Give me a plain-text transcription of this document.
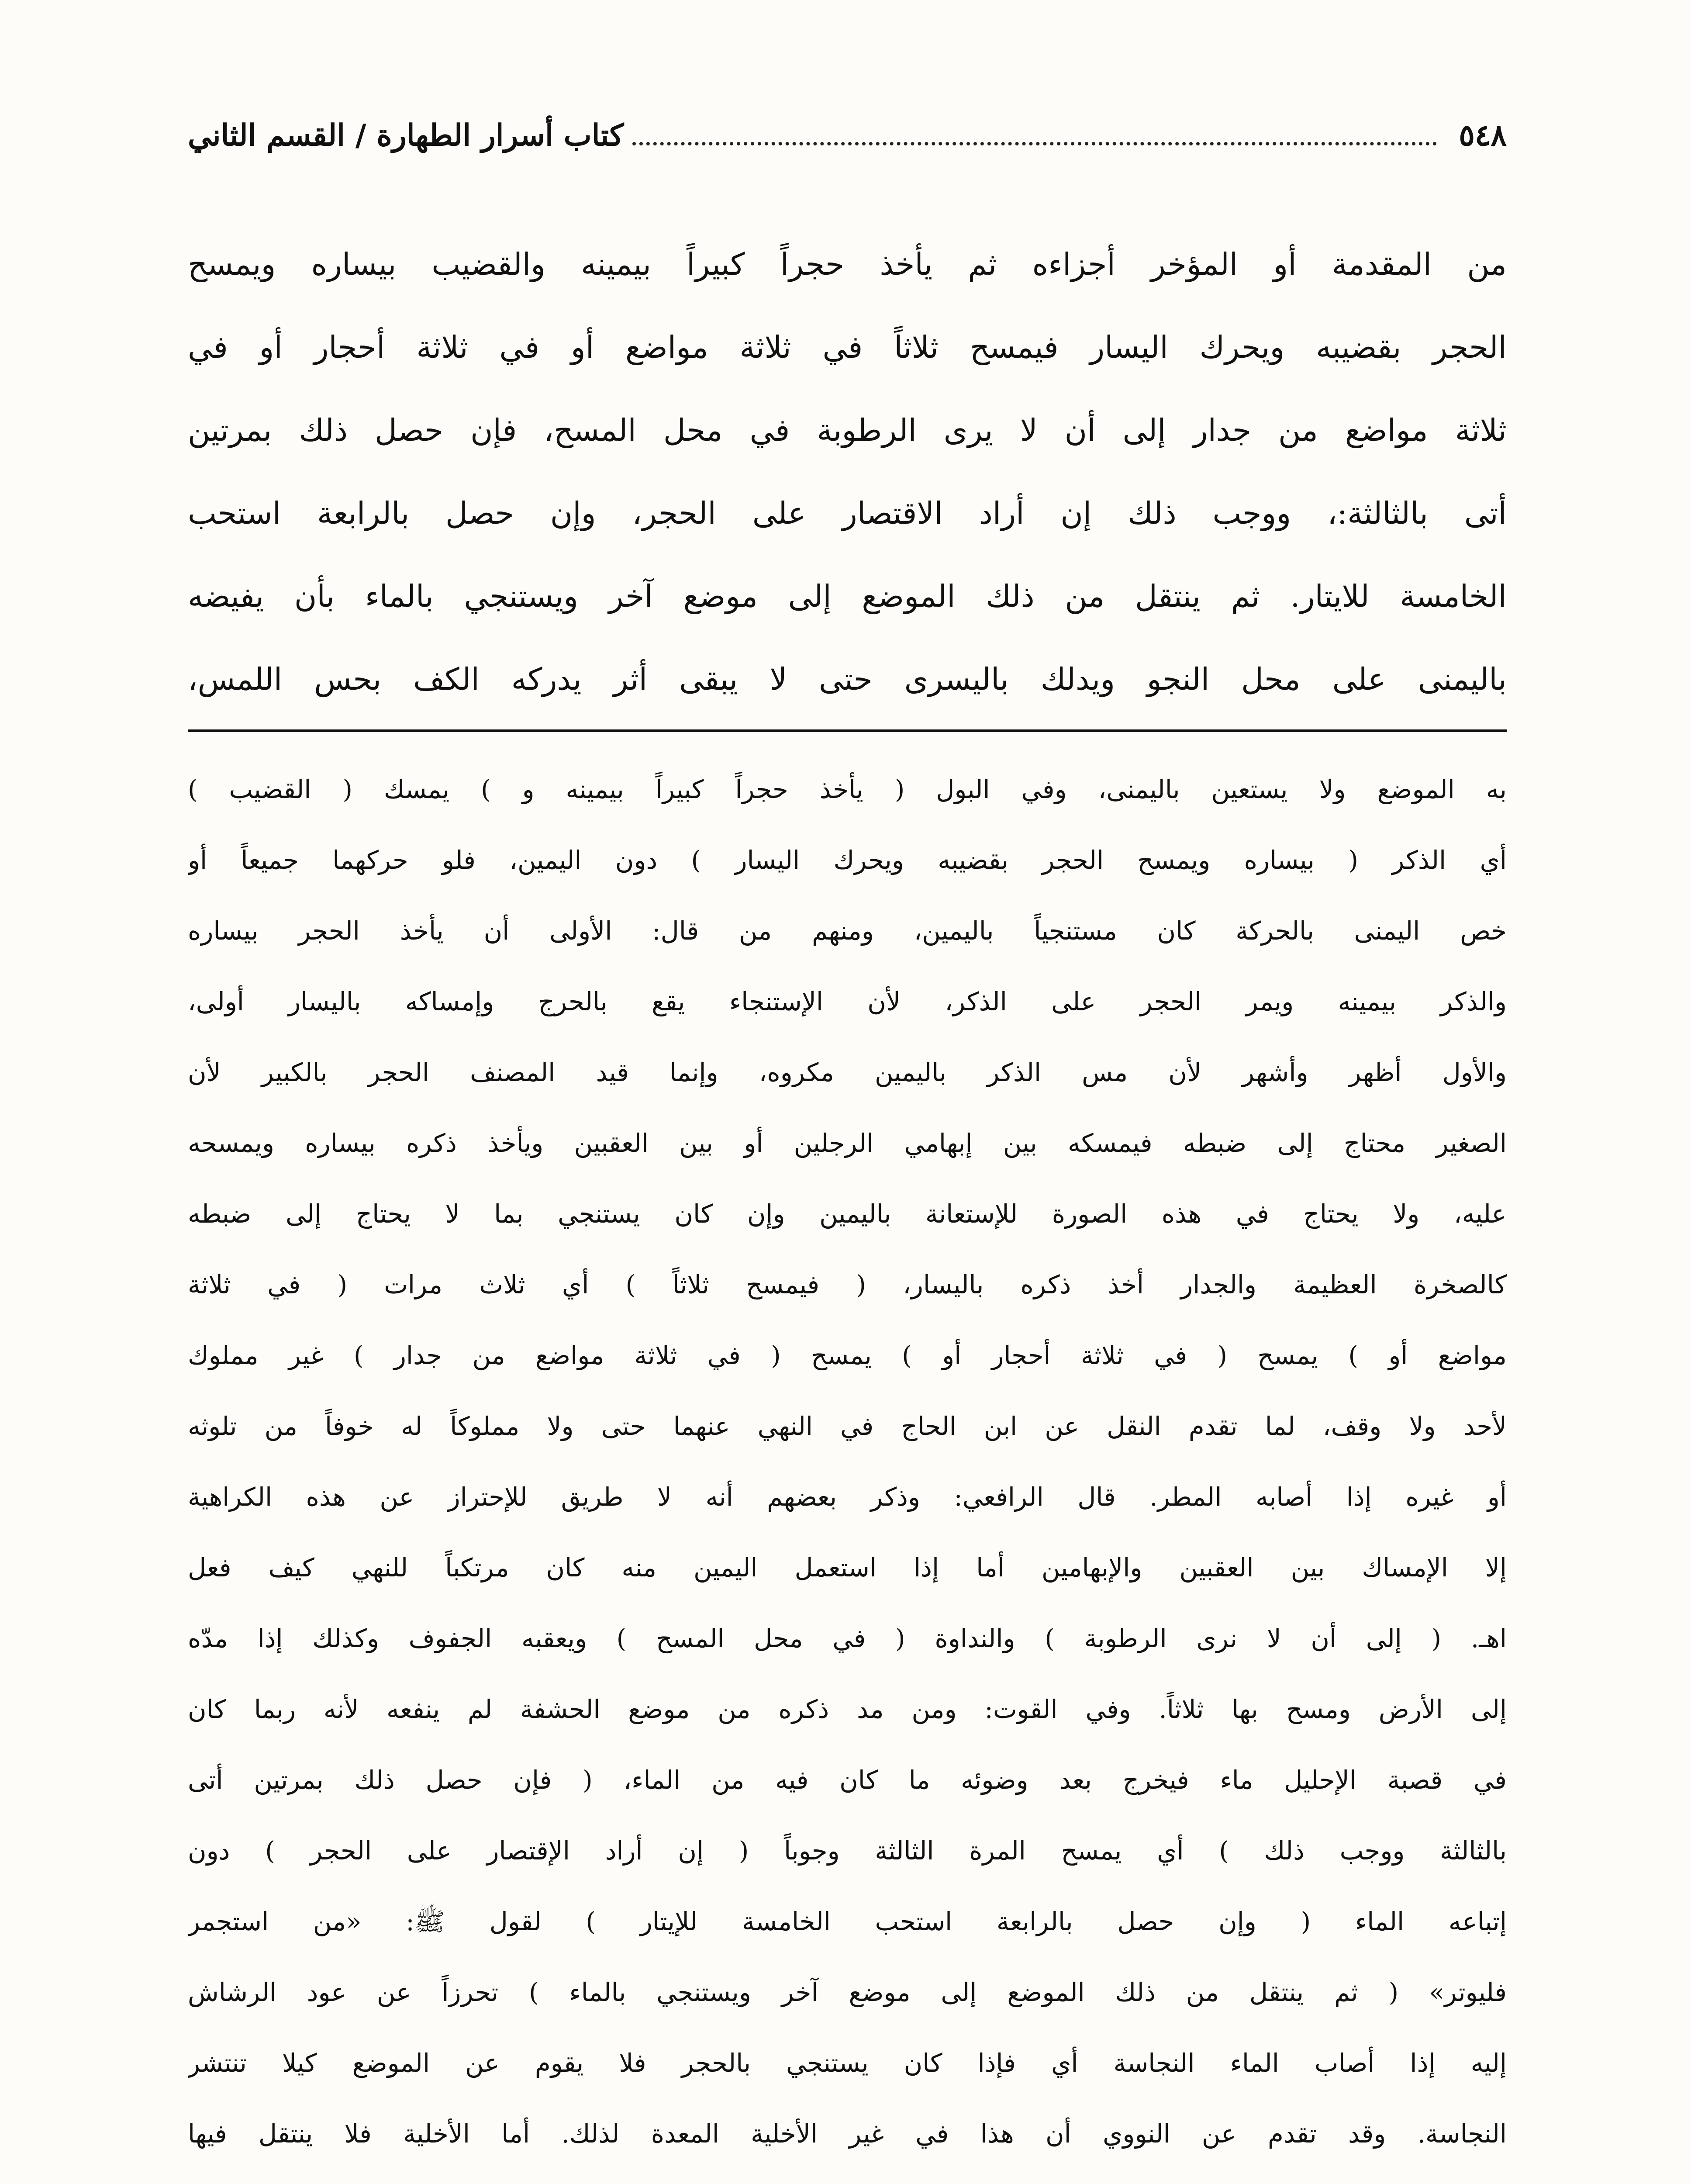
٥٤٨
كتاب أسرار الطهارة / القسم الثاني
من المقدمة أو المؤخر أجزاءه ثم يأخذ حجراً كبيراً بيمينه والقضيب بيساره ويمسح
الحجر بقضيبه ويحرك اليسار فيمسح ثلاثاً في ثلاثة مواضع أو في ثلاثة أحجار أو في
ثلاثة مواضع من جدار إلى أن لا يرى الرطوبة في محل المسح، فإن حصل ذلك بمرتين
أتى بالثالثة:، ووجب ذلك إن أراد الاقتصار على الحجر، وإن حصل بالرابعة استحب
الخامسة للايتار. ثم ينتقل من ذلك الموضع إلى موضع آخر ويستنجي بالماء بأن يفيضه
باليمنى على محل النجو ويدلك باليسرى حتى لا يبقى أثر يدركه الكف بحس اللمس،
به الموضع ولا يستعين باليمنى، وفي البول ( يأخذ حجراً كبيراً بيمينه و ) يمسك ( القضيب )
أي الذكر ( بيساره ويمسح الحجر بقضيبه ويحرك اليسار ) دون اليمين، فلو حركهما جميعاً أو
خص اليمنى بالحركة كان مستنجياً باليمين، ومنهم من قال: الأولى أن يأخذ الحجر بيساره
والذكر بيمينه ويمر الحجر على الذكر، لأن الإستنجاء يقع بالحرج وإمساكه باليسار أولى،
والأول أظهر وأشهر لأن مس الذكر باليمين مكروه، وإنما قيد المصنف الحجر بالكبير لأن
الصغير محتاج إلى ضبطه فيمسكه بين إبهامي الرجلين أو بين العقبين ويأخذ ذكره بيساره ويمسحه
عليه، ولا يحتاج في هذه الصورة للإستعانة باليمين وإن كان يستنجي بما لا يحتاج إلى ضبطه
كالصخرة العظيمة والجدار أخذ ذكره باليسار، ( فيمسح ثلاثاً ) أي ثلاث مرات ( في ثلاثة
مواضع أو ) يمسح ( في ثلاثة أحجار أو ) يمسح ( في ثلاثة مواضع من جدار ) غير مملوك
لأحد ولا وقف، لما تقدم النقل عن ابن الحاج في النهي عنهما حتى ولا مملوكاً له خوفاً من تلوثه
أو غيره إذا أصابه المطر. قال الرافعي: وذكر بعضهم أنه لا طريق للإحتراز عن هذه الكراهية
إلا الإمساك بين العقبين والإبهامين أما إذا استعمل اليمين منه كان مرتكباً للنهي كيف فعل
اهـ. ( إلى أن لا نرى الرطوبة ) والنداوة ( في محل المسح ) ويعقبه الجفوف وكذلك إذا مدّه
إلى الأرض ومسح بها ثلاثاً. وفي القوت: ومن مد ذكره من موضع الحشفة لم ينفعه لأنه ربما كان
في قصبة الإحليل ماء فيخرج بعد وضوئه ما كان فيه من الماء، ( فإن حصل ذلك بمرتين أتى
بالثالثة ووجب ذلك ) أي يمسح المرة الثالثة وجوباً ( إن أراد الإقتصار على الحجر ) دون
إتباعه الماء ( وإن حصل بالرابعة استحب الخامسة للإيتار ) لقول ﷺ: «من استجمر
فليوتر» ( ثم ينتقل من ذلك الموضع إلى موضع آخر ويستنجي بالماء ) تحرزاً عن عود الرشاش
إليه إذا أصاب الماء النجاسة أي فإذا كان يستنجي بالحجر فلا يقوم عن الموضع كيلا تنتشر
النجاسة. وقد تقدم عن النووي أن هذا في غير الأخلية المعدة لذلك. أما الأخلية فلا ينتقل فيها
